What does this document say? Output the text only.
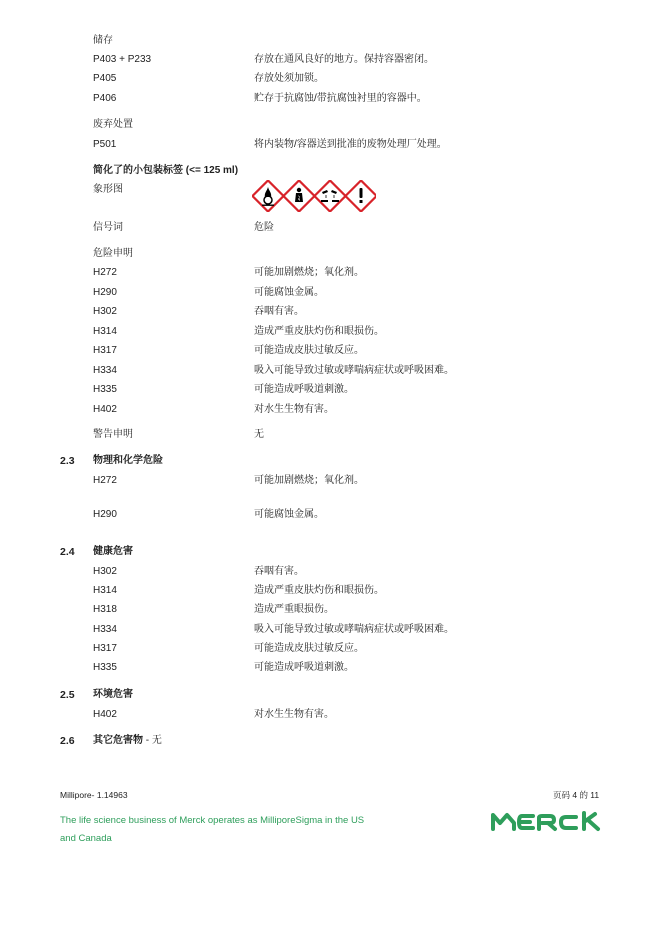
储存
P403 + P233	存放在通风良好的地方。保持容器密闭。
P405	存放处须加锁。
P406	贮存于抗腐蚀/带抗腐蚀衬里的容器中。
废弃处置
P501	将内装物/容器送到批准的废物处理厂处理。
简化了的小包装标签 (<= 125 ml)
象形图
信号词	危险
危险申明
H272	可能加剧燃烧；氧化剂。
H290	可能腐蚀金属。
H302	吞咽有害。
H314	造成严重皮肤灼伤和眼损伤。
H317	可能造成皮肤过敏反应。
H334	吸入可能导致过敏或哮喘病症状或呼吸困难。
H335	可能造成呼吸道刺激。
H402	对水生生物有害。
警告申明	无
2.3 物理和化学危险
H272	可能加剧燃烧；氧化剂。
H290	可能腐蚀金属。
2.4 健康危害
H302	吞咽有害。
H314	造成严重皮肤灼伤和眼损伤。
H318	造成严重眼损伤。
H334	吸入可能导致过敏或哮喘病症状或呼吸困难。
H317	可能造成皮肤过敏反应。
H335	可能造成呼吸道刺激。
2.5 环境危害
H402	对水生生物有害。
2.6 其它危害物 - 无
Millipore- 1.14963	页码 4 的 11
The life science business of Merck operates as MilliporeSigma in the US
and Canada
